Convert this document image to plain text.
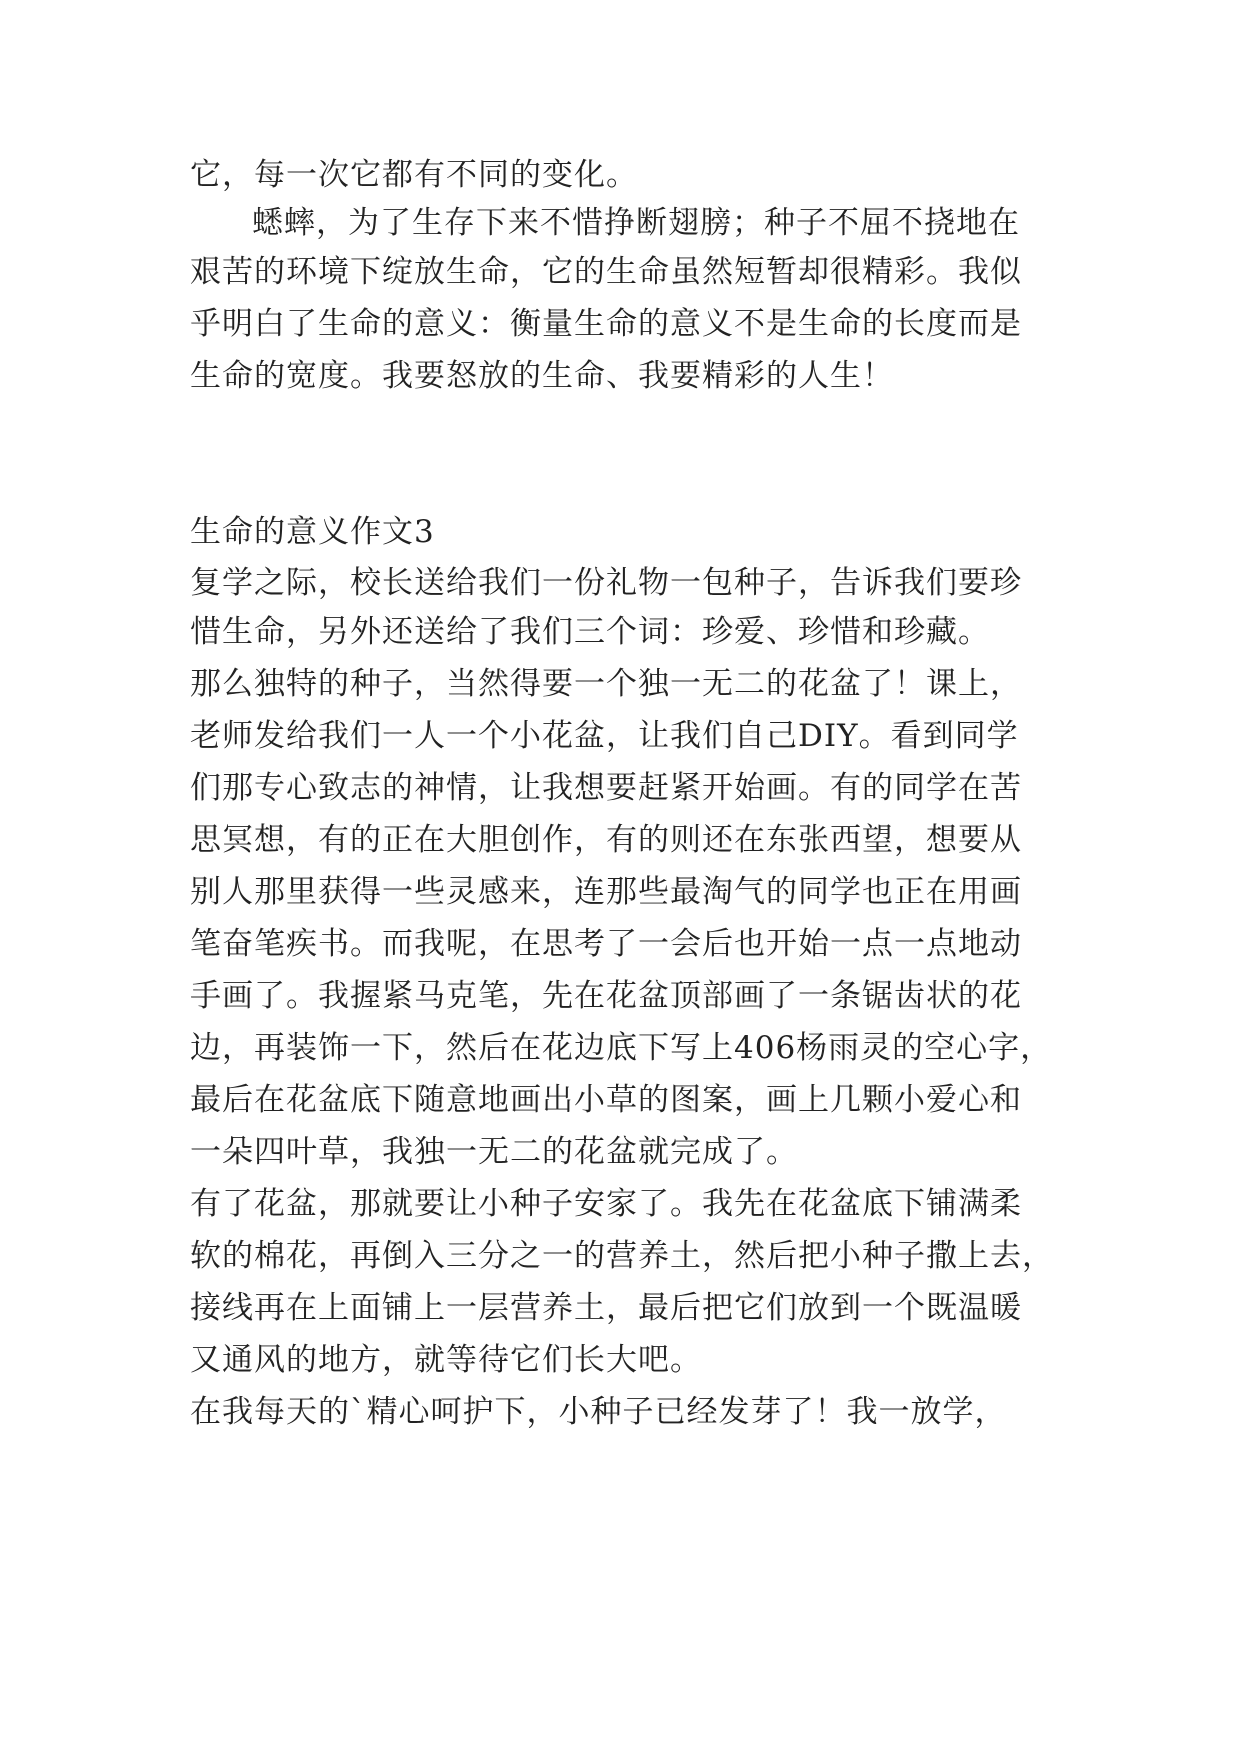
它，每一次它都有不同的变化。
蟋蟀，为了生存下来不惜挣断翅膀；种子不屈不挠地在
艰苦的环境下绽放生命，它的生命虽然短暂却很精彩。我似
乎明白了生命的意义：衡量生命的意义不是生命的长度而是
生命的宽度。我要怒放的生命、我要精彩的人生！
生命的意义作文3
复学之际，校长送给我们一份礼物一包种子，告诉我们要珍
惜生命，另外还送给了我们三个词：珍爱、珍惜和珍藏。
那么独特的种子，当然得要一个独一无二的花盆了！课上，
老师发给我们一人一个小花盆，让我们自己DIY。看到同学
们那专心致志的神情，让我想要赶紧开始画。有的同学在苦
思冥想，有的正在大胆创作，有的则还在东张西望，想要从
别人那里获得一些灵感来，连那些最淘气的同学也正在用画
笔奋笔疾书。而我呢，在思考了一会后也开始一点一点地动
手画了。我握紧马克笔，先在花盆顶部画了一条锯齿状的花
边，再装饰一下，然后在花边底下写上406杨雨灵的空心字，
最后在花盆底下随意地画出小草的图案，画上几颗小爱心和
一朵四叶草，我独一无二的花盆就完成了。
有了花盆，那就要让小种子安家了。我先在花盆底下铺满柔
软的棉花，再倒入三分之一的营养土，然后把小种子撒上去，
接线再在上面铺上一层营养土，最后把它们放到一个既温暖
又通风的地方，就等待它们长大吧。
在我每天的`精心呵护下，小种子已经发芽了！我一放学，
